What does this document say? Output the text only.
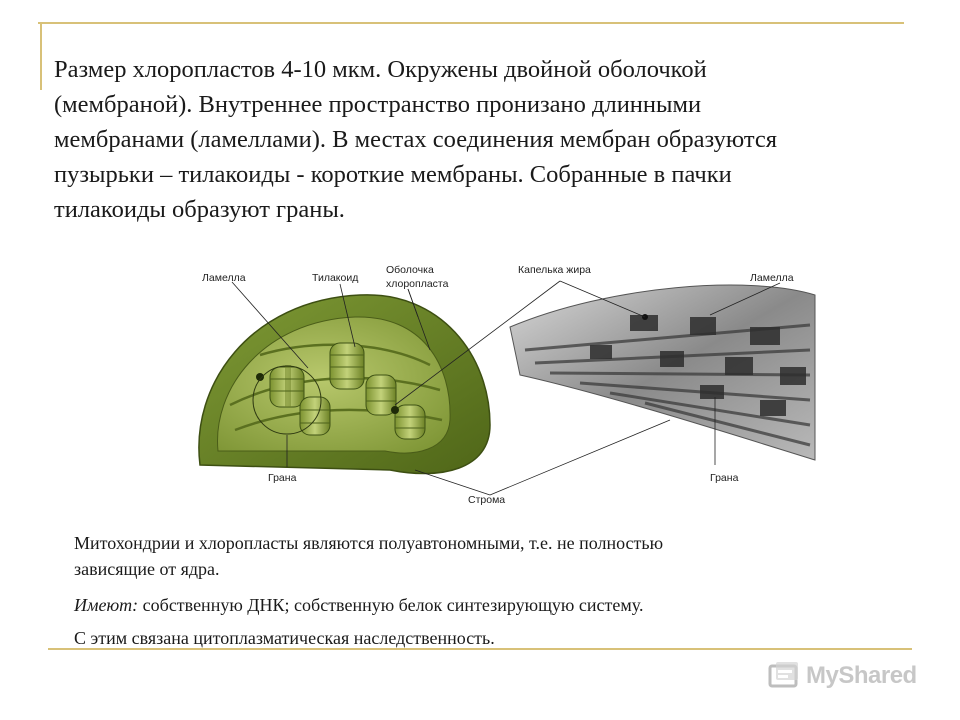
Размер хлоропластов 4-10 мкм. Окружены двойной оболочкой
(мембраной). Внутреннее пространство пронизано длинными
мембранами (ламеллами). В местах соединения мембран образуются
пузырьки – тилакоиды - короткие мембраны. Собранные в пачки
тилакоиды образуют граны.
Ламелла	Тилакоид
Оболочка
хлоропласта
Капелька жира
Ламелла
Грана	Грана
Строма

Митохондрии и хлоропласты являются полуавтономными, т.е. не полностью
зависящие от ядра.

Имеют: собственную ДНК; собственную белок синтезирующую систему.

С этим связана цитоплазматическая наследственность.

MyShared
